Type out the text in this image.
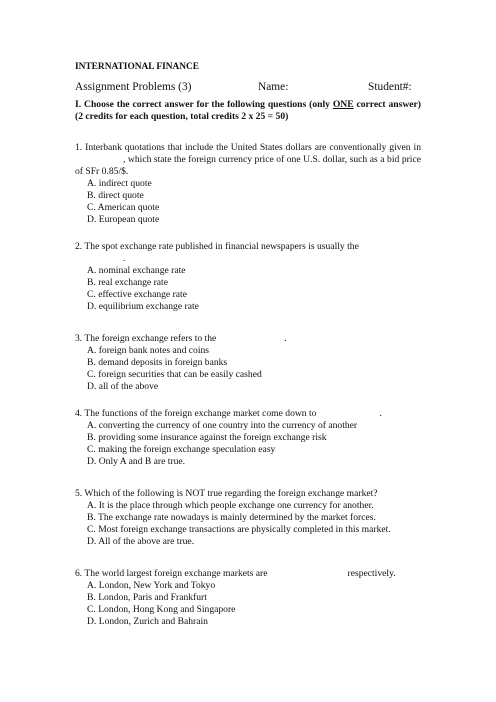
INTERNATIONAL FINANCE
Assignment Problems (3)	Name:	Student#:
I. Choose the correct answer for the following questions (only ONE correct answer) (2 credits for each question, total credits 2 x 25 = 50)
1. Interbank quotations that include the United States dollars are conventionally given in, which state the foreign currency price of one U.S. dollar, such as a bid price of SFr 0.85/$.
A. indirect quote
B. direct quote
C. American quote
D. European quote
2. The spot exchange rate published in financial newspapers is usually the
.
A. nominal exchange rate
B. real exchange rate
C. effective exchange rate
D. equilibrium exchange rate
3. The foreign exchange refers to the	.
A. foreign bank notes and coins
B. demand deposits in foreign banks
C. foreign securities that can be easily cashed
D. all of the above
4. The functions of the foreign exchange market come down to	.
A. converting the currency of one country into the currency of another
B. providing some insurance against the foreign exchange risk
C. making the foreign exchange speculation easy
D. Only A and B are true.
5. Which of the following is NOT true regarding the foreign exchange market?
A. It is the place through which people exchange one currency for another.
B. The exchange rate nowadays is mainly determined by the market forces.
C. Most foreign exchange transactions are physically completed in this market.
D. All of the above are true.
6. The world largest foreign exchange markets are	respectively.
A. London, New York and Tokyo
B. London, Paris and Frankfurt
C. London, Hong Kong and Singapore
D. London, Zurich and Bahrain
